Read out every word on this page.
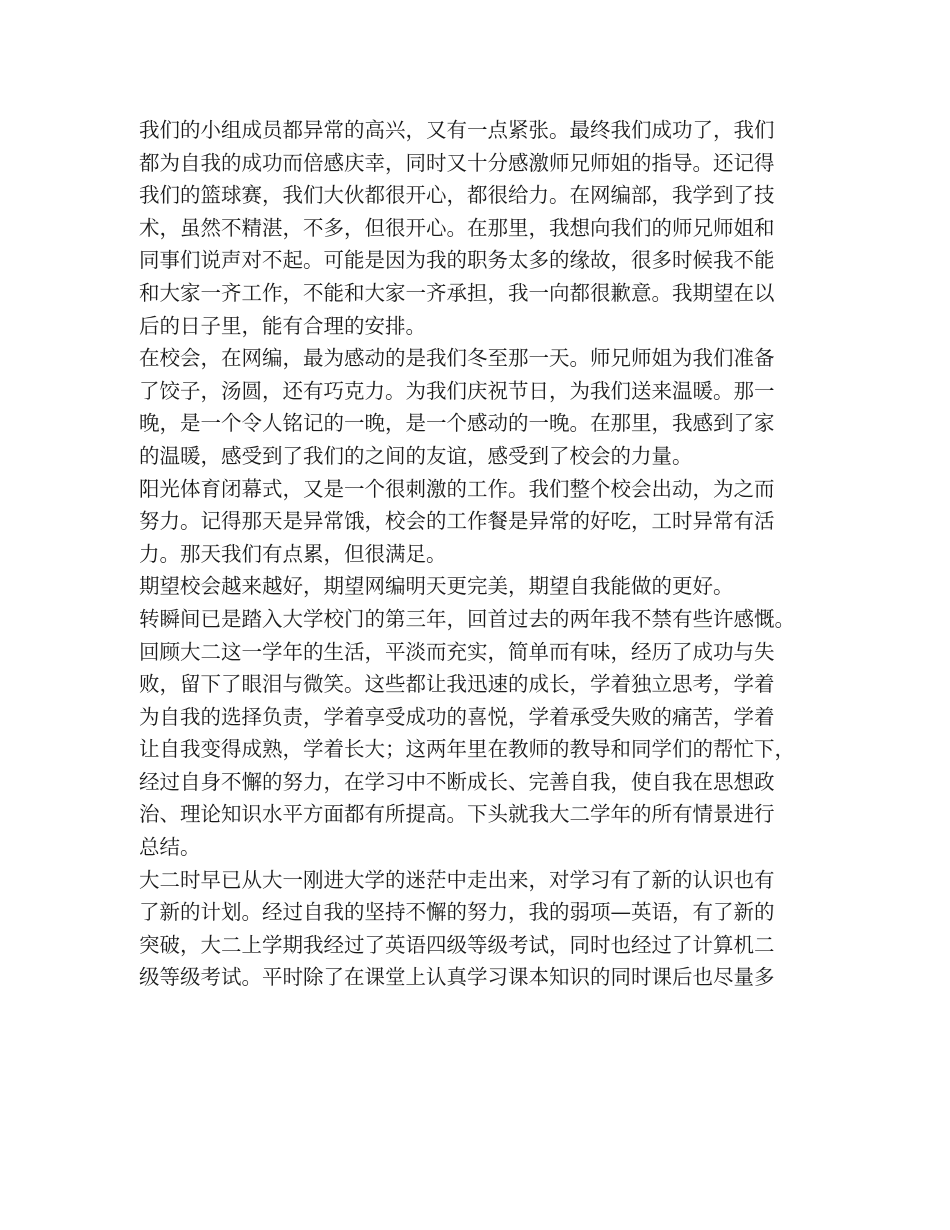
我们的小组成员都异常的高兴，又有一点紧张。最终我们成功了，我们
都为自我的成功而倍感庆幸，同时又十分感激师兄师姐的指导。还记得
我们的篮球赛，我们大伙都很开心，都很给力。在网编部，我学到了技
术，虽然不精湛，不多，但很开心。在那里，我想向我们的师兄师姐和
同事们说声对不起。可能是因为我的职务太多的缘故，很多时候我不能
和大家一齐工作，不能和大家一齐承担，我一向都很歉意。我期望在以
后的日子里，能有合理的安排。
在校会，在网编，最为感动的是我们冬至那一天。师兄师姐为我们准备
了饺子，汤圆，还有巧克力。为我们庆祝节日，为我们送来温暖。那一
晚，是一个令人铭记的一晚，是一个感动的一晚。在那里，我感到了家
的温暖，感受到了我们的之间的友谊，感受到了校会的力量。
阳光体育闭幕式，又是一个很刺激的工作。我们整个校会出动，为之而
努力。记得那天是异常饿，校会的工作餐是异常的好吃，工时异常有活
力。那天我们有点累，但很满足。
期望校会越来越好，期望网编明天更完美，期望自我能做的更好。
转瞬间已是踏入大学校门的第三年，回首过去的两年我不禁有些许感慨。
回顾大二这一学年的生活，平淡而充实，简单而有味，经历了成功与失
败，留下了眼泪与微笑。这些都让我迅速的成长，学着独立思考，学着
为自我的选择负责，学着享受成功的喜悦，学着承受失败的痛苦，学着
让自我变得成熟，学着长大；这两年里在教师的教导和同学们的帮忙下，
经过自身不懈的努力，在学习中不断成长、完善自我，使自我在思想政
治、理论知识水平方面都有所提高。下头就我大二学年的所有情景进行
总结。
大二时早已从大一刚进大学的迷茫中走出来，对学习有了新的认识也有
了新的计划。经过自我的坚持不懈的努力，我的弱项—英语，有了新的
突破，大二上学期我经过了英语四级等级考试，同时也经过了计算机二
级等级考试。平时除了在课堂上认真学习课本知识的同时课后也尽量多
